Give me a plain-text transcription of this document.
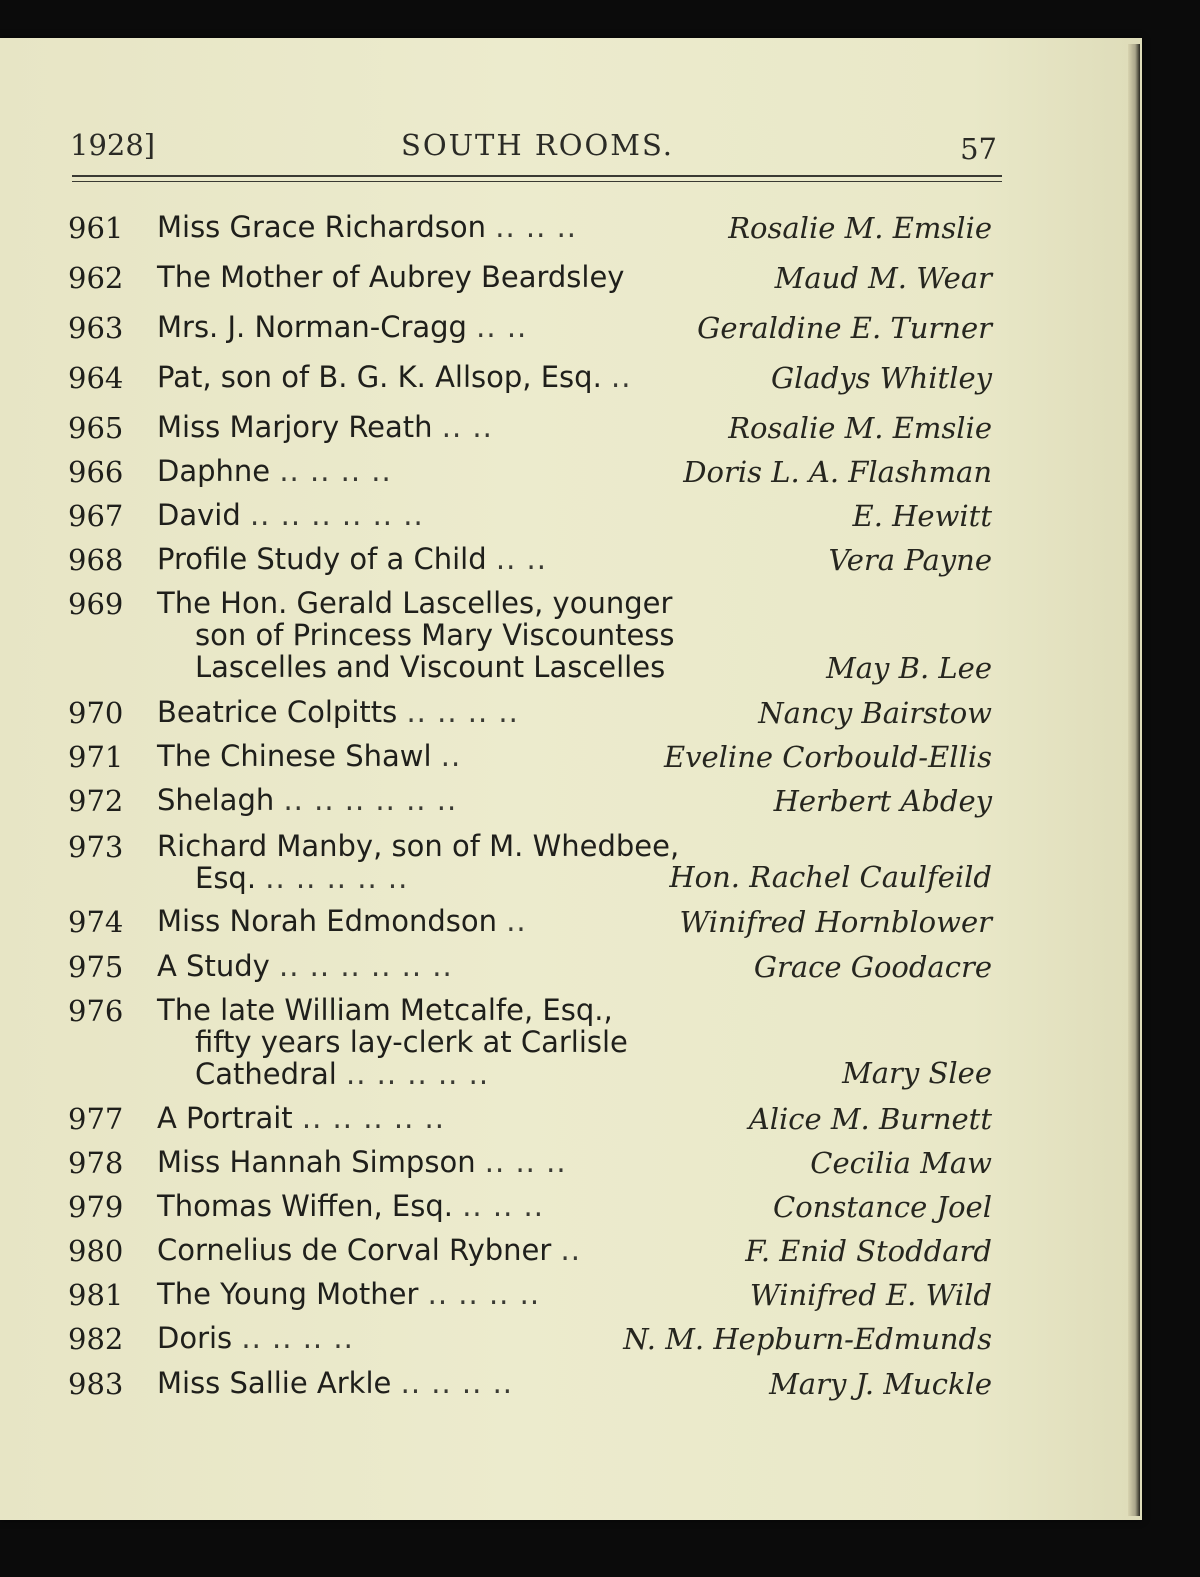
1928]	SOUTH ROOMS.	57
961 Miss Grace Richardson .. .. ..	Rosalie M. Emslie
962 The Mother of Aubrey Beardsley	Maud M. Wear
963 Mrs. J. Norman-Cragg .. ..	Geraldine E. Turner
964 Pat, son of B. G. K. Allsop, Esq. ..	Gladys Whitley
965 Miss Marjory Reath .. ..	Rosalie M. Emslie
966 Daphne .. .. .. ..	Doris L. A. Flashman
967 David .. .. .. .. .. ..	E. Hewitt
968 Profile Study of a Child .. ..	Vera Payne
969 The Hon. Gerald Lascelles, younger
son of Princess Mary Viscountess
Lascelles and Viscount Lascelles	May B. Lee
970 Beatrice Colpitts .. .. .. ..	Nancy Bairstow
971 The Chinese Shawl ..	Eveline Corbould-Ellis
972 Shelagh .. .. .. .. .. ..	Herbert Abdey
973 Richard Manby, son of M. Whedbee,
Esq. .. .. .. .. ..	Hon. Rachel Caulfeild
974 Miss Norah Edmondson ..	Winifred Hornblower
975 A Study .. .. .. .. .. ..	Grace Goodacre
976 The late William Metcalfe, Esq.,
fifty years lay-clerk at Carlisle
Cathedral .. .. .. .. ..	Mary Slee
977 A Portrait .. .. .. .. ..	Alice M. Burnett
978 Miss Hannah Simpson .. .. ..	Cecilia Maw
979 Thomas Wiffen, Esq. .. .. ..	Constance Joel
980 Cornelius de Corval Rybner ..	F. Enid Stoddard
981 The Young Mother .. .. .. ..	Winifred E. Wild
982 Doris .. .. .. ..	N. M. Hepburn-Edmunds
983 Miss Sallie Arkle .. .. .. ..	Mary J. Muckle
